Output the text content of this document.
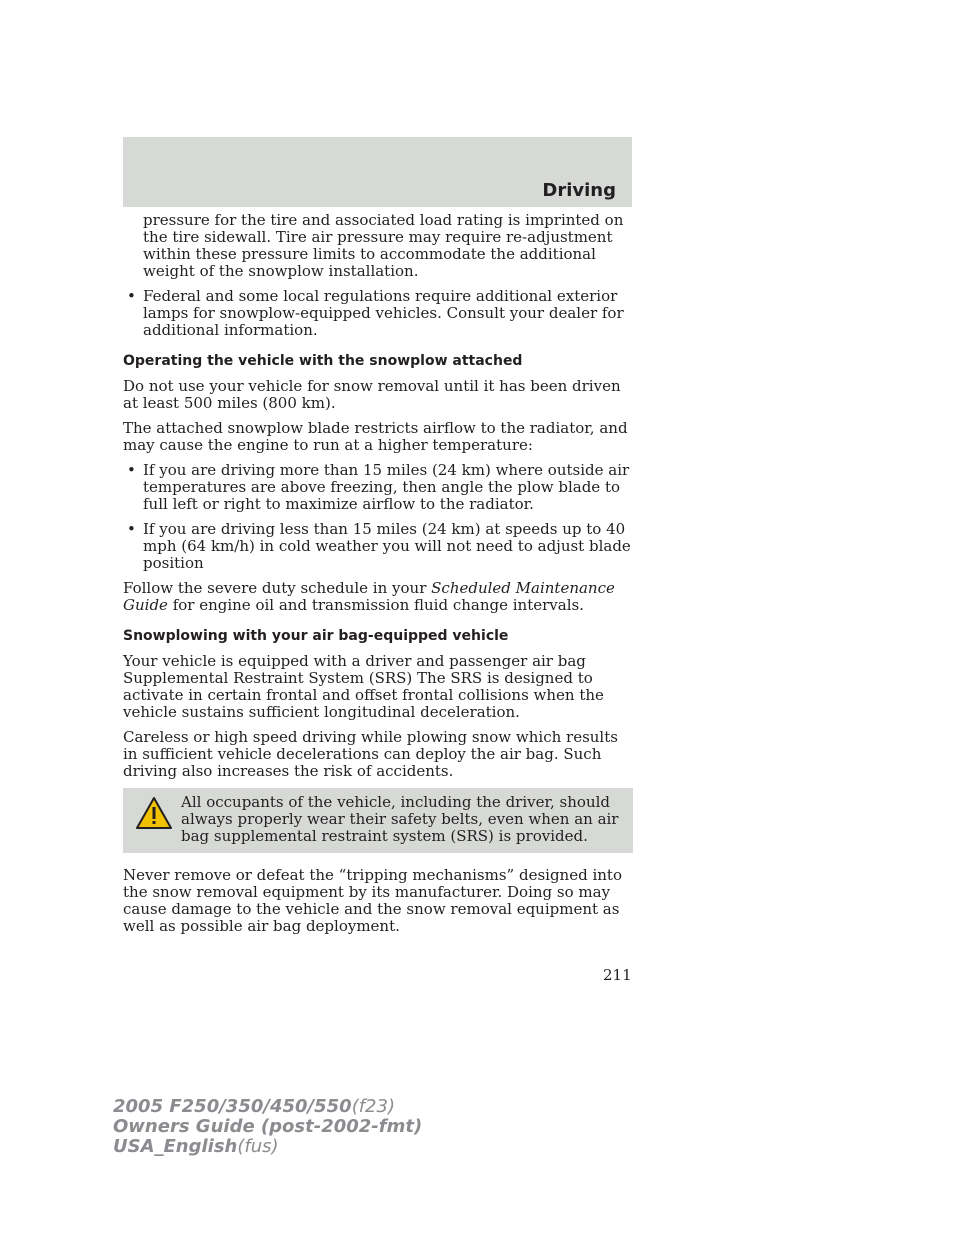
Driving
pressure for the tire and associated load rating is imprinted on the tire sidewall. Tire air pressure may require re-adjustment within these pressure limits to accommodate the additional weight of the snowplow installation.
• Federal and some local regulations require additional exterior lamps for snowplow-equipped vehicles. Consult your dealer for additional information.
Operating the vehicle with the snowplow attached

Do not use your vehicle for snow removal until it has been driven at least 500 miles (800 km).

The attached snowplow blade restricts airflow to the radiator, and may cause the engine to run at a higher temperature:

• If you are driving more than 15 miles (24 km) where outside air temperatures are above freezing, then angle the plow blade to full left or right to maximize airflow to the radiator.
• If you are driving less than 15 miles (24 km) at speeds up to 40 mph (64 km/h) in cold weather you will not need to adjust blade position

Follow the severe duty schedule in your Scheduled Maintenance Guide for engine oil and transmission fluid change intervals.

Snowplowing with your air bag-equipped vehicle

Your vehicle is equipped with a driver and passenger air bag Supplemental Restraint System (SRS) The SRS is designed to activate in certain frontal and offset frontal collisions when the vehicle sustains sufficient longitudinal deceleration.

Careless or high speed driving while plowing snow which results in sufficient vehicle decelerations can deploy the air bag. Such driving also increases the risk of accidents.

All occupants of the vehicle, including the driver, should always properly wear their safety belts, even when an air bag supplemental restraint system (SRS) is provided.

Never remove or defeat the “tripping mechanisms” designed into the snow removal equipment by its manufacturer. Doing so may cause damage to the vehicle and the snow removal equipment as well as possible air bag deployment.

211
2005 F250/350/450/550(f23)
Owners Guide (post-2002-fmt)
USA_English(fus)
